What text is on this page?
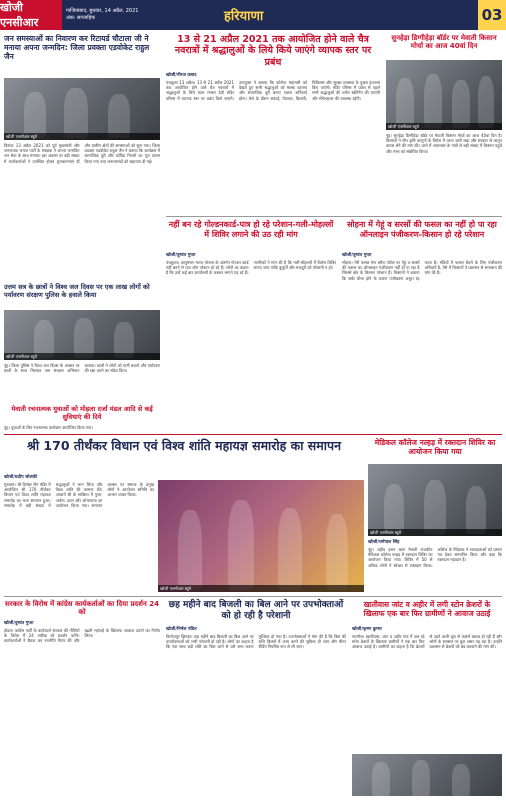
खोजी एनसीआर
गाजियाबाद, बुधवार, 14 अप्रैल, 2021
अंक: साप्ताहिक	हरियाणा	03
जन समस्याओं का निवारण कर रिटायर्ड चौटाला जी ने मनाया अपना जन्मदिन: जिला प्रवक्ता एडवोकेट राहुल जैन
खोजी एनसीआर ब्यूरो
दिनांक 13 अप्रैल 2021 को पूर्व मुख्यमंत्री और जननायक जनता पार्टी के संरक्षक ने अपना जन्मदिन जन सेवा के साथ मनाया। इस अवसर पर बड़ी संख्या में कार्यकर्ताओं ने उपस्थित होकर शुभकामनाएं दीं और ग्रामीण क्षेत्रों की समस्याओं को सुना गया। जिला प्रवक्ता एडवोकेट राहुल जैन ने बताया कि कार्यक्रम में सामाजिक दूरी और कोविड नियमों का पूरा पालन किया गया तथा जरूरतमंदों को सहायता दी गई।
13 से 21 अप्रैल 2021 तक आयोजित होने वाले चैत्र नवरात्रों में श्रद्धालुओं के लिये किये जाएंगे व्यापक स्तर पर प्रबंध
खोजी/नीरज प्रसाद
पंचकूला 13 अप्रैल। 13 से 21 अप्रैल 2021 तक आयोजित होने वाले चैत्र नवरात्रों में श्रद्धालुओं के लिये माता मनसा देवी मंदिर परिसर में व्यापक स्तर पर प्रबंध किये जाएंगे। उपायुक्त ने बताया कि कोरोना महामारी को देखते हुए सभी श्रद्धालुओं को मास्क पहनना और सामाजिक दूरी बनाए रखना अनिवार्य होगा। मेले के दौरान सफाई, पेयजल, बिजली, चिकित्सा और सुरक्षा व्यवस्था के पुख्ता इंतजाम किए जाएंगे। मंदिर परिसर में प्रवेश से पहले सभी श्रद्धालुओं की थर्मल स्क्रीनिंग की जाएगी और सेनेटाइजर की व्यवस्था रहेगी।
सुनहेड़ा डिग्गीहेड़ा बॉर्डर पर मेवाती किसान मोर्चा का आज 40वां दिन
खोजी एनसीआर ब्यूरो
नूंह। सुनहेड़ा डिग्गीहेड़ा बॉर्डर पर मेवाती किसान मोर्चा का आज 40वां दिन है। किसानों ने तीन कृषि कानूनों के विरोध में धरना जारी रखा और सरकार से कानून वापस लेने की मांग की। धरने में आसपास के गांवों से बड़ी संख्या में किसान पहुंचे और सभा को संबोधित किया।
नहीं बन रहे गोल्डनकार्ड-पात्र हो रहे परेशान-गली-मोहल्लों में शिविर लगाने की उठ रही मांग
खोजी/दुष्यंत गुप्ता
पंचकूला। आयुष्मान भारत योजना के अंतर्गत गोल्डन कार्ड नहीं बनने से पात्र लोग परेशान हो रहे हैं। लोगों का कहना है कि उन्हें कई बार कार्यालयों के चक्कर लगाने पड़ रहे हैं। नागरिकों ने मांग की है कि गली-मोहल्लों में विशेष शिविर लगाए जाएं ताकि बुजुर्गों और मजदूरों को परेशानी न हो।
सोहना में गेहूं व सरसों की फसल का नहीं हो पा रहा ऑनलाइन पंजीकरण-किसान हो रहे परेशान
खोजी/दुष्यंत गुप्ता
सोहना। मेरी फसल मेरा ब्यौरा पोर्टल पर गेहूं व सरसों की फसल का ऑनलाइन पंजीकरण नहीं हो पा रहा है जिससे क्षेत्र के किसान परेशान हैं। किसानों ने बताया कि सर्वर धीमा होने के कारण पंजीकरण अधूरा रह जाता है। मंडियों में फसल बेचने के लिए पंजीकरण अनिवार्य है, ऐसे में किसानों ने प्रशासन से समाधान की मांग की है।
उत्तम सत्र के छात्रों ने विश्व जल दिवस पर एक लाख लोगों को पर्यावरण संरक्षण पुलिस के हवाले किया
खोजी एनसीआर ब्यूरो
नूंह। जिला पुलिस ने विश्व जल दिवस के अवसर पर छात्रों के साथ मिलकर जल संरक्षण अभियान चलाया। छात्रों ने लोगों को पानी बचाने और पर्यावरण की रक्षा करने का संदेश दिया।
मेवाती रचनात्मक युवाओं को मोहला दर्जा मंडल आदि से कई सुविधाएं की दिये
नूंह। युवाओं के लिए रचनात्मक कार्यक्रम आयोजित किया गया।
श्री 170 तीर्थंकर विधान एवं विश्व शांति महायज्ञ समारोह का समापन
खोजी/प्रदीप सोलंकी
गुरुग्राम। श्री दिगंबर जैन मंदिर में आयोजित श्री 170 तीर्थंकर विधान एवं विश्व शांति महायज्ञ समारोह का भव्य समापन हुआ। समारोह में बड़ी संख्या में श्रद्धालुओं ने भाग लिया और विश्व शांति की कामना की। आचार्य श्री के सान्निध्य में पूजा-अर्चना, हवन और शोभायात्रा का आयोजन किया गया। समापन अवसर पर समाज के प्रमुख लोगों ने आयोजन समिति का आभार व्यक्त किया।
खोजी एनसीआर ब्यूरो
मेडिकल कॉलेज नल्हड़ में रक्तदान शिविर का आयोजन किया गया
खोजी एनसीआर ब्यूरो
खोजी/धर्मपाल सिंह
नूंह। शहीद हसन खान मेवाती राजकीय मेडिकल कॉलेज नल्हड़ में रक्तदान शिविर का आयोजन किया गया। शिविर में 50 से अधिक लोगों ने स्वेच्छा से रक्तदान किया। कॉलेज के निदेशक ने रक्तदाताओं को प्रमाण पत्र देकर सम्मानित किया और कहा कि रक्तदान महादान है।
सरकार के विरोध में कांग्रेस कार्यकर्ताओं का दिया प्रदर्शन 24 को
खोजी/दुष्यंत गुप्ता
होडल। कांग्रेस पार्टी के कार्यकर्ता सरकार की नीतियों के विरोध में 24 तारीख को प्रदर्शन करेंगे। कार्यकर्ताओं ने बैठक कर रणनीति तैयार की और बढ़ती महंगाई के खिलाफ आवाज उठाने का निर्णय लिया।
छह महीने बाद बिजली का बिल आने पर उपभोक्ताओं को हो रही है परेशानी
खोजी/निर्मल पंडित
फिरोजपुर झिरका। छह महीने बाद बिजली का बिल आने पर उपभोक्ताओं को भारी परेशानी हो रही है। लोगों का कहना है कि एक साथ बड़ी राशि का बिल आने से उसे जमा करना मुश्किल हो गया है। उपभोक्ताओं ने मांग की है कि बिल की राशि किस्तों में जमा करने की सुविधा दी जाए और मीटर रीडिंग नियमित रूप से ली जाए।
खातीवास जांट व अहीर में लगी स्टोन क्रेशरों के खिलाफ एक बार फिर ग्रामीणों ने आवाज उठाई
खोजी/कृष्ण कुमार
नारनौल। खातीवास, जांट व अहीर गांव में चल रहे स्टोन क्रेशरों के खिलाफ ग्रामीणों ने एक बार फिर आवाज उठाई है। ग्रामीणों का कहना है कि क्रेशरों से उड़ने वाली धूल से फसलें खराब हो रही हैं और लोगों के स्वास्थ्य पर बुरा असर पड़ रहा है। उन्होंने प्रशासन से क्रेशरों को बंद करवाने की मांग की।
